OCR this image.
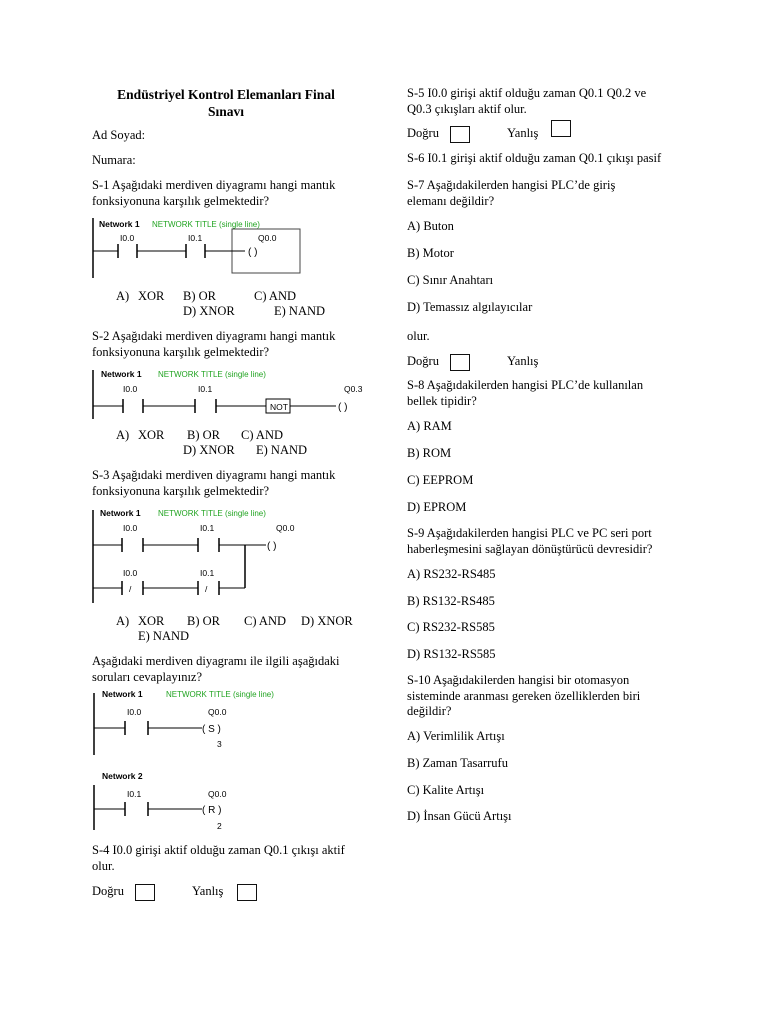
Endüstriyel Kontrol Elemanları Final
Sınavı
Ad Soyad:
Numara:
S-1 Aşağıdaki merdiven diyagramı hangi mantık
fonksiyonuna karşılık gelmektedir?
Network 1 NETWORK TITLE (single line)
I0.0	I0.1	Q0.0
( )
A) XOR B) OR	C) AND
D) XNOR	E) NAND
S-2 Aşağıdaki merdiven diyagramı hangi mantık
fonksiyonuna karşılık gelmektedir?
Network 1 NETWORK TITLE (single line)
I0.0	I0.1	Q0.3
NOT	( )
A) XOR B) OR C) AND
D) XNOR E) NAND
S-3 Aşağıdaki merdiven diyagramı hangi mantık
fonksiyonuna karşılık gelmektedir?
Network 1 NETWORK TITLE (single line)
I0.0	I0.1	Q0.0
( )
I0.0	I0.1
/	/
A) XOR B) OR C) AND D) XNOR
E) NAND
Aşağıdaki merdiven diyagramı ile ilgili aşağıdaki
soruları cevaplayınız?
Network 1	NETWORK TITLE (single line)
I0.0	Q0.0
( S )
3
Network 2
I0.1	Q0.0
( R )
2
S-4 I0.0 girişi aktif olduğu zaman Q0.1 çıkışı aktif
olur.
Doğru	Yanlış
S-5 I0.0 girişi aktif olduğu zaman Q0.1 Q0.2 ve
Q0.3 çıkışları aktif olur.
Doğru	Yanlış
S-6 I0.1 girişi aktif olduğu zaman Q0.1 çıkışı pasif
S-7 Aşağıdakilerden hangisi PLC’de giriş
elemanı değildir?
A) Buton
B) Motor
C) Sınır Anahtarı
D) Temassız algılayıcılar
olur.
Doğru	Yanlış
S-8 Aşağıdakilerden hangisi PLC’de kullanılan
bellek tipidir?
A) RAM
B) ROM
C) EEPROM
D) EPROM
S-9 Aşağıdakilerden hangisi PLC ve PC seri port
haberleşmesini sağlayan dönüştürücü devresidir?
A) RS232-RS485
B) RS132-RS485
C) RS232-RS585
D) RS132-RS585
S-10 Aşağıdakilerden hangisi bir otomasyon
sisteminde aranması gereken özelliklerden biri
değildir?
A) Verimlilik Artışı
B) Zaman Tasarrufu
C) Kalite Artışı
D) İnsan Gücü Artışı
